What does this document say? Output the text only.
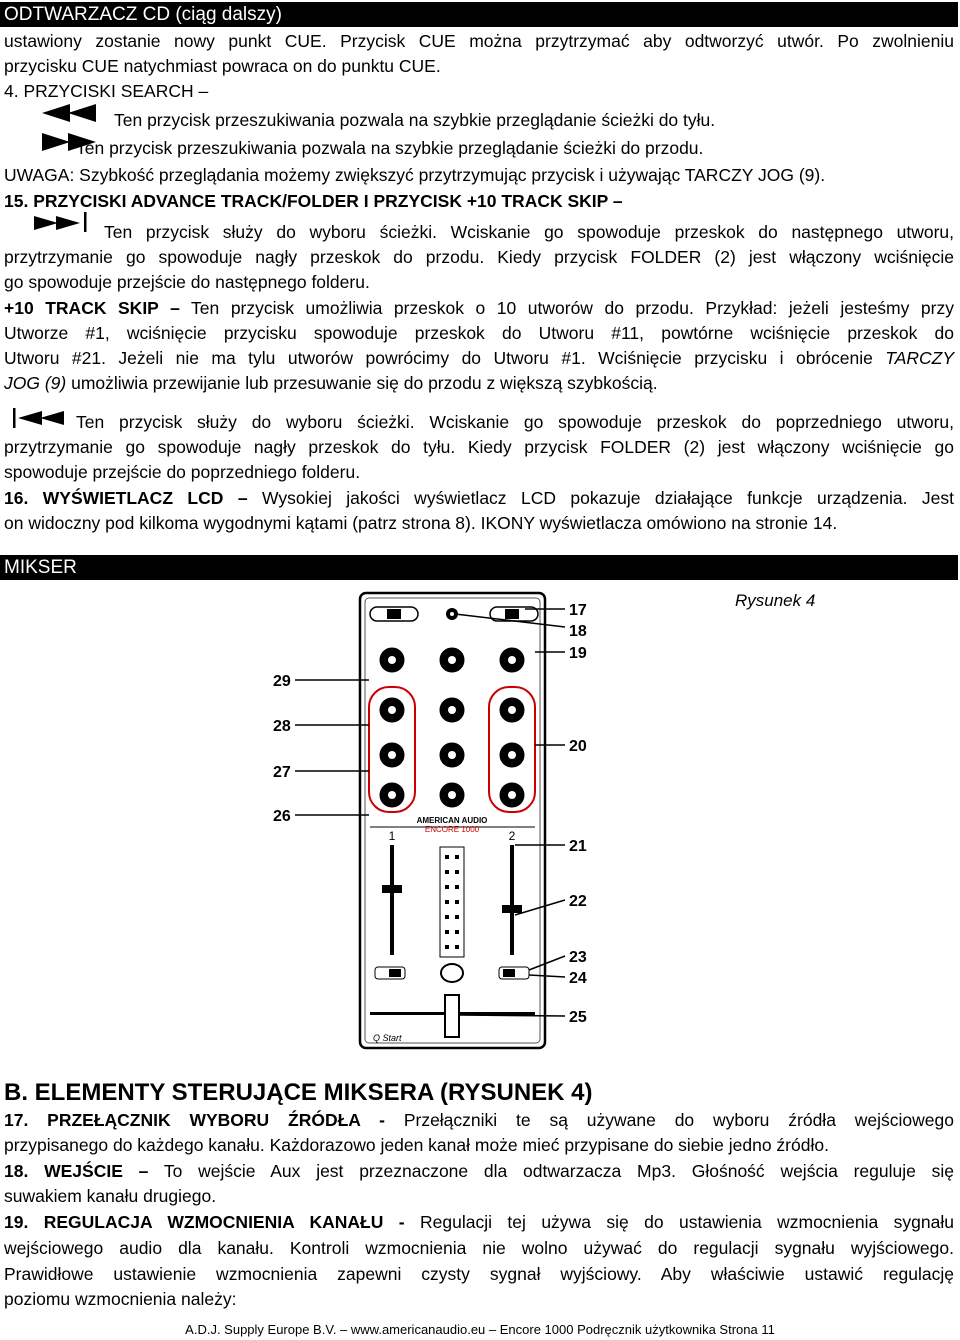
ODTWARZACZ CD (ciąg dalszy)
ustawiony zostanie nowy punkt CUE. Przycisk CUE można przytrzymać aby odtworzyć utwór. Po zwolnieniu
przycisku CUE natychmiast powraca on do punktu CUE.
4. PRZYCISKI SEARCH –
Ten przycisk przeszukiwania pozwala na szybkie przeglądanie ścieżki do tyłu.
Ten przycisk przeszukiwania pozwala na szybkie przeglądanie ścieżki do przodu.
UWAGA: Szybkość przeglądania możemy zwiększyć przytrzymując przycisk i używając TARCZY JOG (9).
15. PRZYCISKI ADVANCE TRACK/FOLDER I PRZYCISK +10 TRACK SKIP –
Ten przycisk służy do wyboru ścieżki. Wciskanie go spowoduje przeskok do następnego utworu,
przytrzymanie go spowoduje nagły przeskok do przodu. Kiedy przycisk FOLDER (2) jest włączony wciśnięcie
go spowoduje przejście do następnego folderu.
+10 TRACK SKIP – Ten przycisk umożliwia przeskok o 10 utworów do przodu. Przykład: jeżeli jesteśmy przy
Utworze #1, wciśnięcie przycisku spowoduje przeskok do Utworu #11, powtórne wciśnięcie przeskok do
Utworu #21. Jeżeli nie ma tylu utworów powrócimy do Utworu #1. Wciśnięcie przycisku i obrócenie TARCZY
JOG (9) umożliwia przewijanie lub przesuwanie się do przodu z większą szybkością.
Ten przycisk służy do wyboru ścieżki. Wciskanie go spowoduje przeskok do poprzedniego utworu,
przytrzymanie go spowoduje nagły przeskok do tyłu. Kiedy przycisk FOLDER (2) jest włączony wciśnięcie go
spowoduje przejście do poprzedniego folderu.
16. WYŚWIETLACZ LCD – Wysokiej jakości wyświetlacz LCD pokazuje działające funkcje urządzenia. Jest
on widoczny pod kilkoma wygodnymi kątami (patrz strona 8). IKONY wyświetlacza omówiono na stronie 14.
MIKSER
Rysunek 4
AMERICAN AUDIO
ENCORE 1000
1	2
Q Start
29
28
27
26
17
18
19
20
21
22
23
24
25
B. ELEMENTY STERUJĄCE MIKSERA (RYSUNEK 4)
17. PRZEŁĄCZNIK WYBORU ŹRÓDŁA - Przełączniki te są używane do wyboru źródła wejściowego
przypisanego do każdego kanału. Każdorazowo jeden kanał może mieć przypisane do siebie jedno źródło.
18. WEJŚCIE – To wejście Aux jest przeznaczone dla odtwarzacza Mp3. Głośność wejścia reguluje się
suwakiem kanału drugiego.
19. REGULACJA WZMOCNIENIA KANAŁU - Regulacji tej używa się do ustawienia wzmocnienia sygnału
wejściowego audio dla kanału. Kontroli wzmocnienia nie wolno używać do regulacji sygnału wyjściowego.
Prawidłowe ustawienie wzmocnienia zapewni czysty sygnał wyjściowy. Aby właściwie ustawić regulację
poziomu wzmocnienia należy:
A.D.J. Supply Europe B.V. – www.americanaudio.eu – Encore 1000 Podręcznik użytkownika Strona 11
